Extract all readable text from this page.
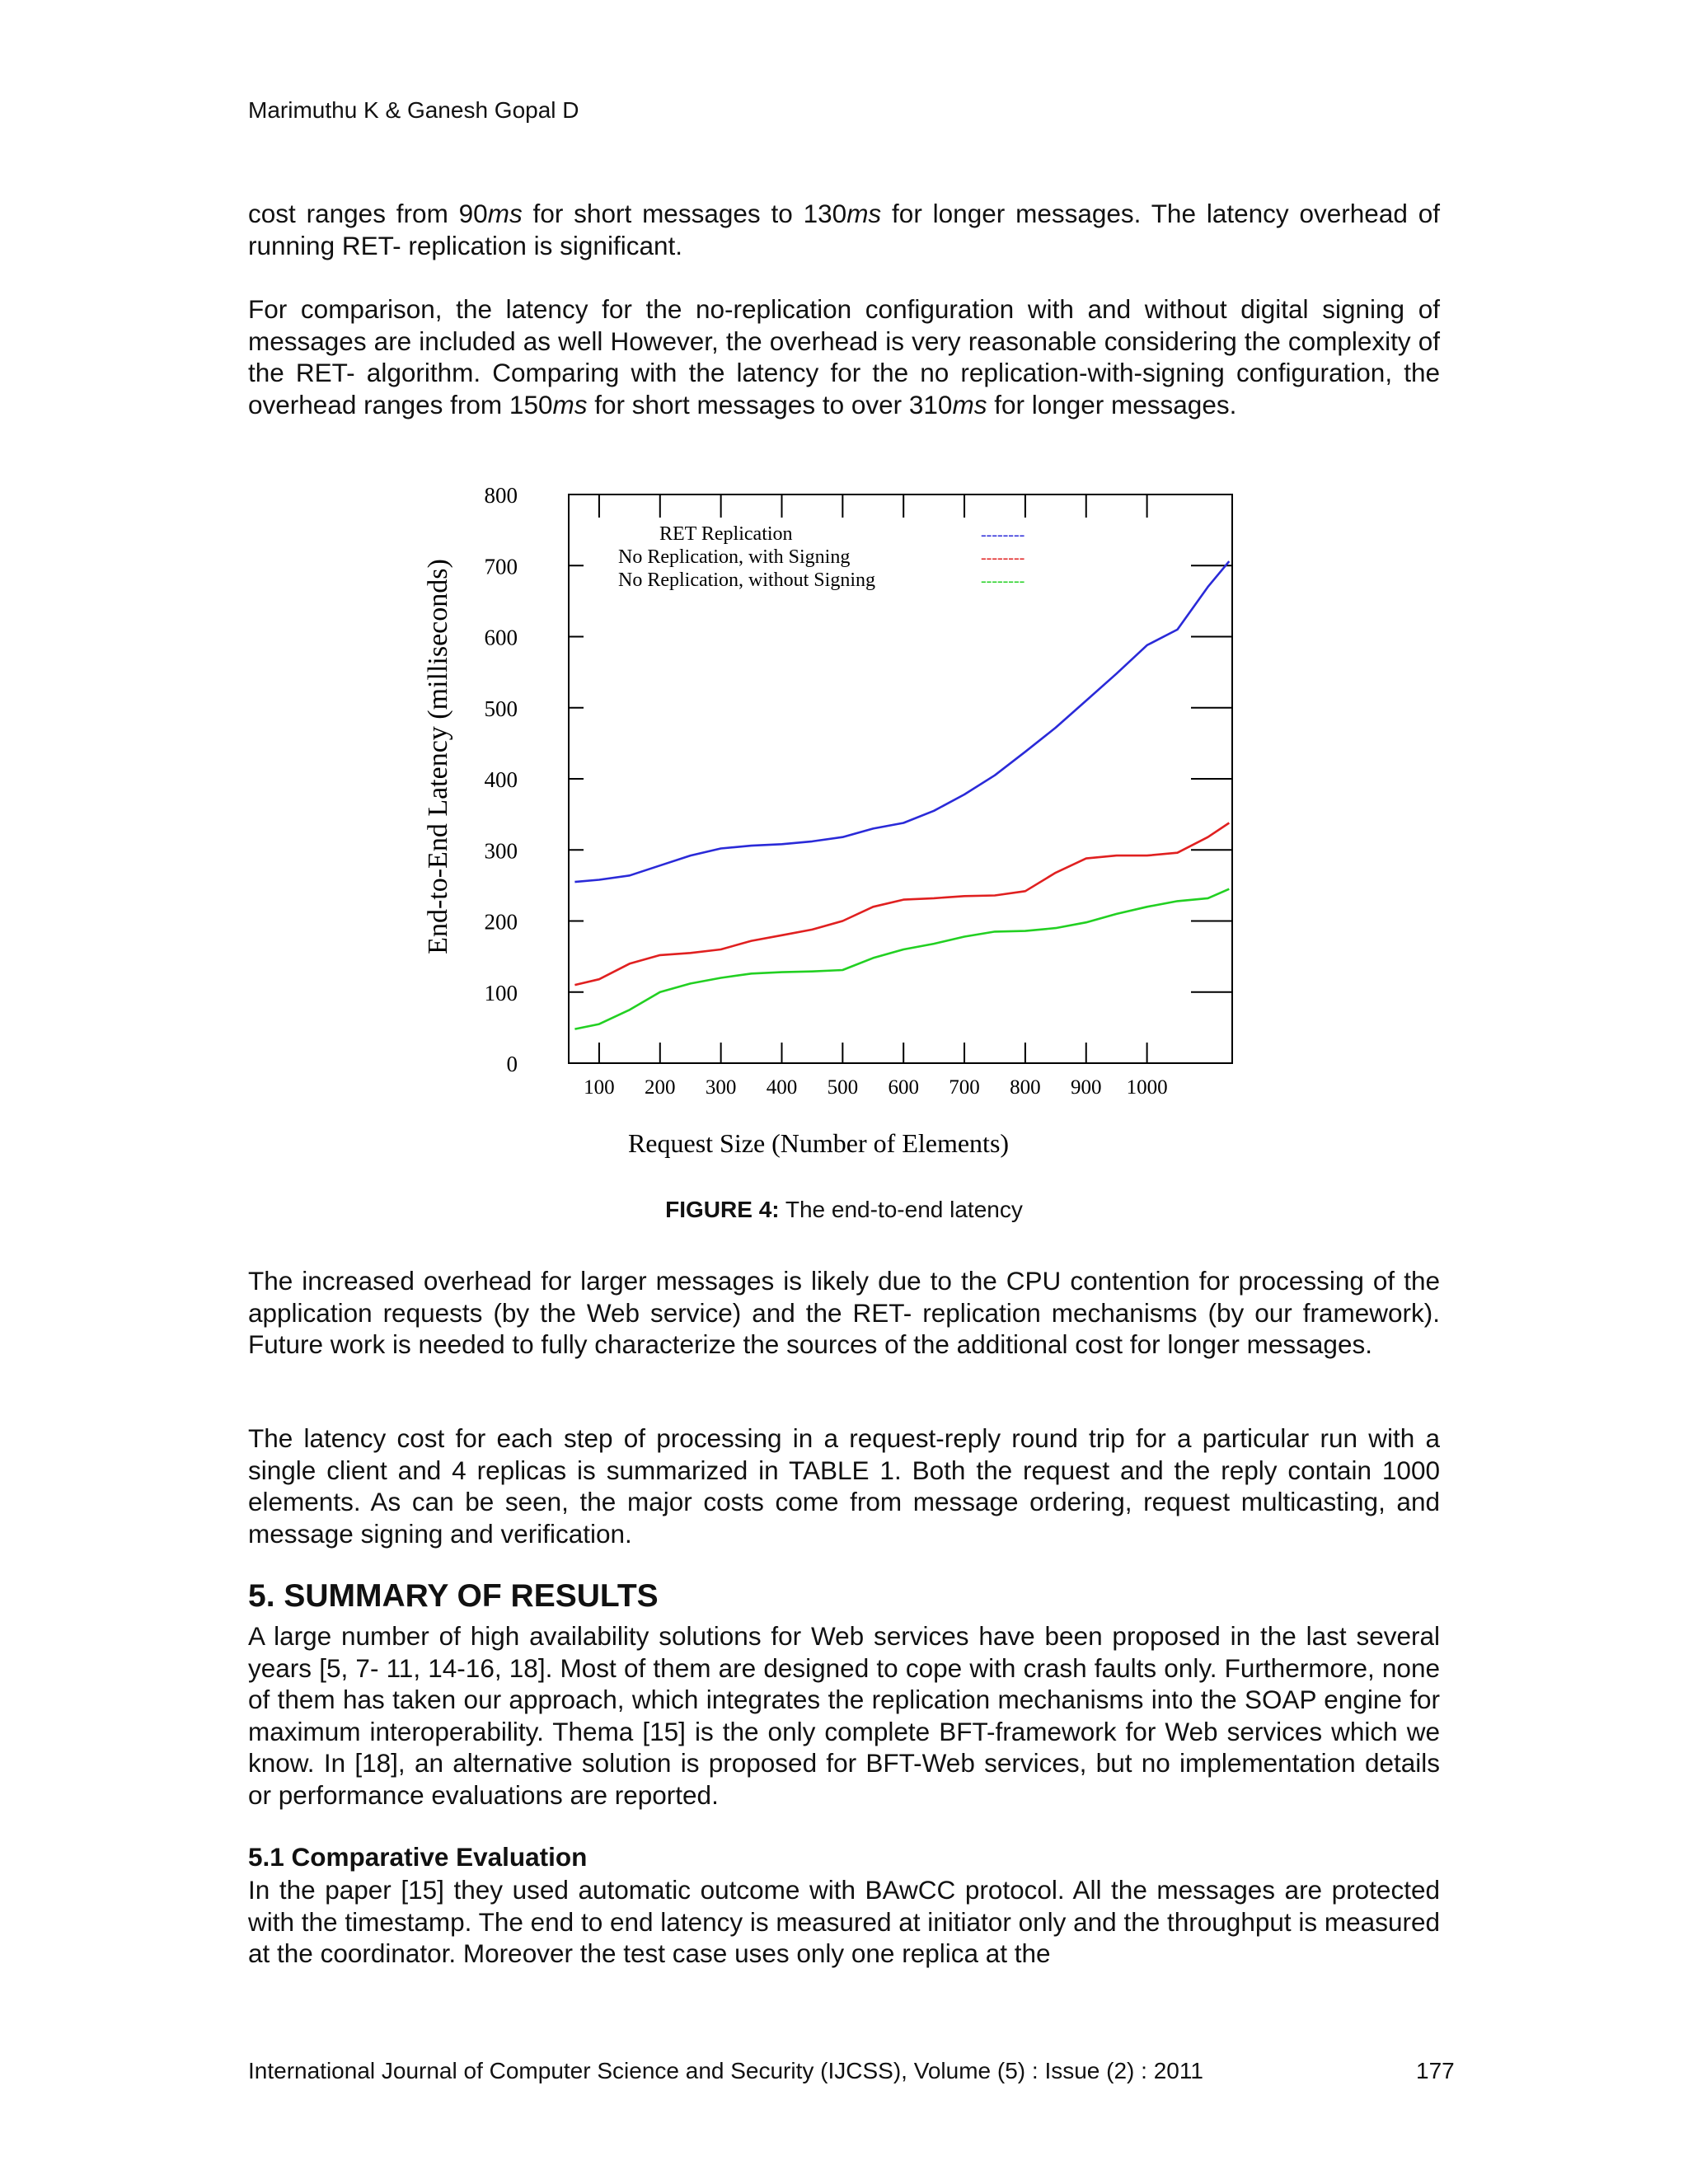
Marimuthu K & Ganesh Gopal D

cost ranges from 90ms for short messages to 130ms for longer messages. The latency overhead of running RET- replication is significant.

For comparison, the latency for the no-replication configuration with and without digital signing of messages are included as well However, the overhead is very reasonable considering the complexity of the RET- algorithm. Comparing with the latency for the no replication-with-signing configuration, the overhead ranges from 150ms for short messages to over 310ms for longer messages.

End-to-End Latency (milliseconds)
Request Size (Number of Elements)
0
100
200
300
400
500
600
700
800
100 200 300 400 500 600 700 800 900 1000
RET Replication	--------
No Replication, with Signing	--------
No Replication, without Signing	--------
FIGURE 4: The end-to-end latency

The increased overhead for larger messages is likely due to the CPU contention for processing of the application requests (by the Web service) and the RET- replication mechanisms (by our framework). Future work is needed to fully characterize the sources of the additional cost for longer messages.

The latency cost for each step of processing in a request-reply round trip for a particular run with a single client and 4 replicas is summarized in TABLE 1. Both the request and the reply contain 1000 elements. As can be seen, the major costs come from message ordering, request multicasting, and message signing and verification.

5. SUMMARY OF RESULTS

A large number of high availability solutions for Web services have been proposed in the last several years [5, 7- 11, 14-16, 18]. Most of them are designed to cope with crash faults only. Furthermore, none of them has taken our approach, which integrates the replication mechanisms into the SOAP engine for maximum interoperability. Thema [15] is the only complete BFT-framework for Web services which we know. In [18], an alternative solution is proposed for BFT-Web services, but no implementation details or performance evaluations are reported.

5.1 Comparative Evaluation

In the paper [15] they used automatic outcome with BAwCC protocol. All the messages are protected with the timestamp. The end to end latency is measured at initiator only and the throughput is measured at the coordinator. Moreover the test case uses only one replica at the

International Journal of Computer Science and Security (IJCSS), Volume (5) : Issue (2) : 2011	177
